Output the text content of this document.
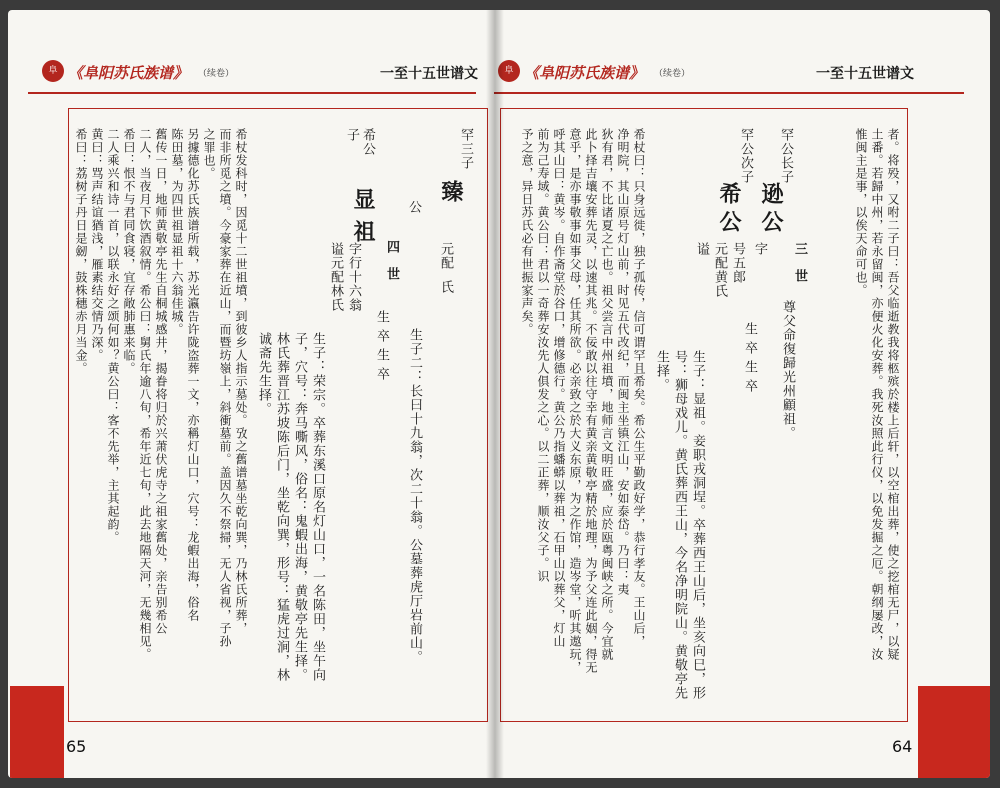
阜 《阜阳苏氏族谱》 （续卷）	一至十五世谱文
65
罕三子
臻
公
元配
氏
希公
子
显
祖
四世
字行十六翁
谥元配林氏
生卒生卒 生子二：长曰十九翁，次二十翁。公墓葬虎厅岩前山。
生子：荣宗。卒葬东溪口原名灯山口，一名陈田，坐午向
子，穴号：奔马嘶风，俗名：鬼蝦出海，黄敬亭先生择。
林氏葬晋江苏坡陈后门，坐乾向巽，形号：猛虎过涧，林
诚斋先生择。
希杖发科时，因觅十二世祖墳，到彼乡人指示墓处。攷之舊谱墓坐乾向巽，乃林氏所葬，
而非所觅之墳。今豪家葬在近山，而暨坊嶺上，斜衝墓前。盖因久不祭掃，无人省视，子孙
之罪也。
另據德化苏氏族谱所载，苏光瀛告许陇盗葬一文，亦稱灯山口，穴号：龙蝦出海，俗名
陈田墓，为四世祖显祖十六翁佳城。
舊传一日，地师黄敬亭先生自桐城感井，揭眷将归於兴萧伏虎寺之祖家舊处，亲告别希公
二人，当夜月下饮酒叙情。希公曰：舅氏年逾八旬，希年近七旬，此去地隔天河，无幾相见。
希曰：恨不与君同食寝，宜存敞肺惠来临。
二人乘兴和诗一首，以联永好之颂何如？黄公曰：客不先举，主其起韵。
黄曰：骂声结谊猶浅，雁素结交情乃深。
希曰：荔树子丹日是劒，鼓株穗赤月当金。
阜 《阜阳苏氏族谱》 （续卷）	一至十五世谱文
64
者。将殁，又咐二子曰：吾父临逝教我将柩殡於楼上后轩，以空棺出葬，使之挖棺无尸，以疑
土番。若歸中州，若永留闽，亦便火化安葬。我死汝照此行仪，以免发掘之厄。朝纲屡改，汝
惟闽主是事，以俟天命可也。
罕公长子
罕公次子
逊公
希公
三世
字
号五郎
元配黄氏
谥
生卒生卒 尊父命復歸光州顧祖。
生子：显祖。妾职戎洞埕。卒葬西王山后，坐亥向巳，形
号：狮母戏儿。黄氏葬西王山，今名净明院山。黄敬亭先
生择。
希杖曰：只身远徙，独子孤传，信可谓罕且希矣。希公生平勤政好学，恭行孝友。王山后，
净明院，其山原号灯山前，时见五代改纪，而闽主坐镇江山，安如泰岱。乃曰：夷
狄有君，不比诸夏之亡也。祖父尝言中州祖墳，地师言文明旺盛，应於瓯粤闽峡之所。今宜就
此卜择吉壤安葬先灵，以速其兆。不佞敢以往守幸有黄亲黄敬亭精於地理，为予父连此姻，得无
意乎，是亦事敬事如事父母，任其所欲。必亲致之於大义东原，为之作馆，造岑堂，听其遨玩，
呼其山曰：黄岑。自作斋堂於谷口，增修德行。黄公乃指蟠蟒以葬祖，石甲山以葬父，灯山
前为己寿域。黄公曰：君以一奇葬安汝先人俱发之心。以二正葬，顺汝父子。识
予之意，异日苏氏必有世振家声矣。
